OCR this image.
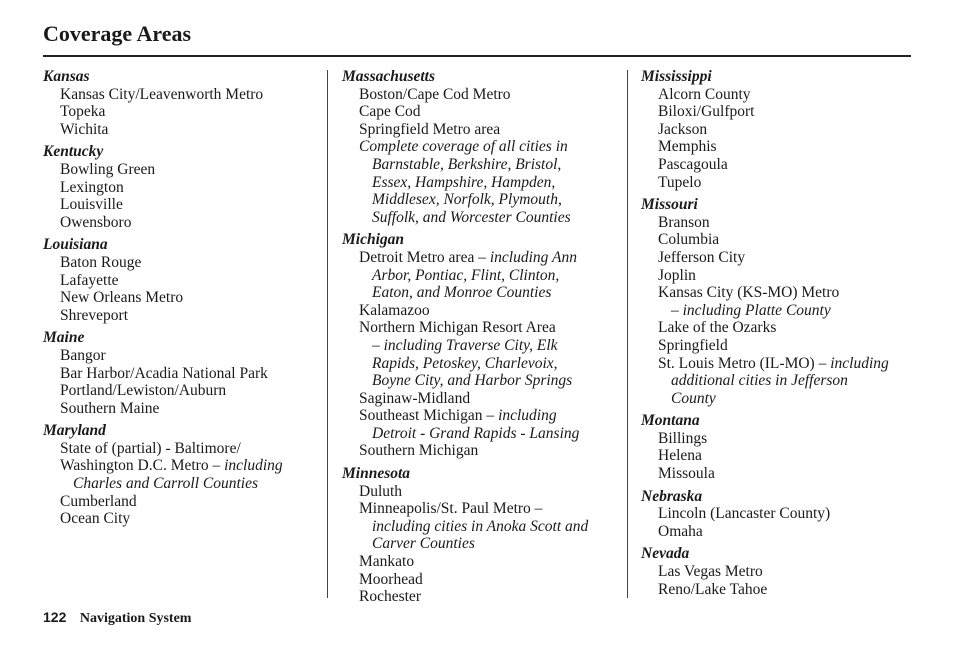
Coverage Areas
Kansas
Kansas City/Leavenworth Metro
Topeka
Wichita
Kentucky
Bowling Green
Lexington
Louisville
Owensboro
Louisiana
Baton Rouge
Lafayette
New Orleans Metro
Shreveport
Maine
Bangor
Bar Harbor/Acadia National Park
Portland/Lewiston/Auburn
Southern Maine
Maryland
State of (partial) - Baltimore/
Washington D.C. Metro – including
Charles and Carroll Counties
Cumberland
Ocean City
Massachusetts
Boston/Cape Cod Metro
Cape Cod
Springfield Metro area
Complete coverage of all cities in
Barnstable, Berkshire, Bristol,
Essex, Hampshire, Hampden,
Middlesex, Norfolk, Plymouth,
Suffolk, and Worcester Counties
Michigan
Detroit Metro area – including Ann
Arbor, Pontiac, Flint, Clinton,
Eaton, and Monroe Counties
Kalamazoo
Northern Michigan Resort Area
– including Traverse City, Elk
Rapids, Petoskey, Charlevoix,
Boyne City, and Harbor Springs
Saginaw-Midland
Southeast Michigan – including
Detroit - Grand Rapids - Lansing
Southern Michigan
Minnesota
Duluth
Minneapolis/St. Paul Metro –
including cities in Anoka Scott and
Carver Counties
Mankato
Moorhead
Rochester
Mississippi
Alcorn County
Biloxi/Gulfport
Jackson
Memphis
Pascagoula
Tupelo
Missouri
Branson
Columbia
Jefferson City
Joplin
Kansas City (KS-MO) Metro
– including Platte County
Lake of the Ozarks
Springfield
St. Louis Metro (IL-MO) – including
additional cities in Jefferson
County
Montana
Billings
Helena
Missoula
Nebraska
Lincoln (Lancaster County)
Omaha
Nevada
Las Vegas Metro
Reno/Lake Tahoe
122 Navigation System
